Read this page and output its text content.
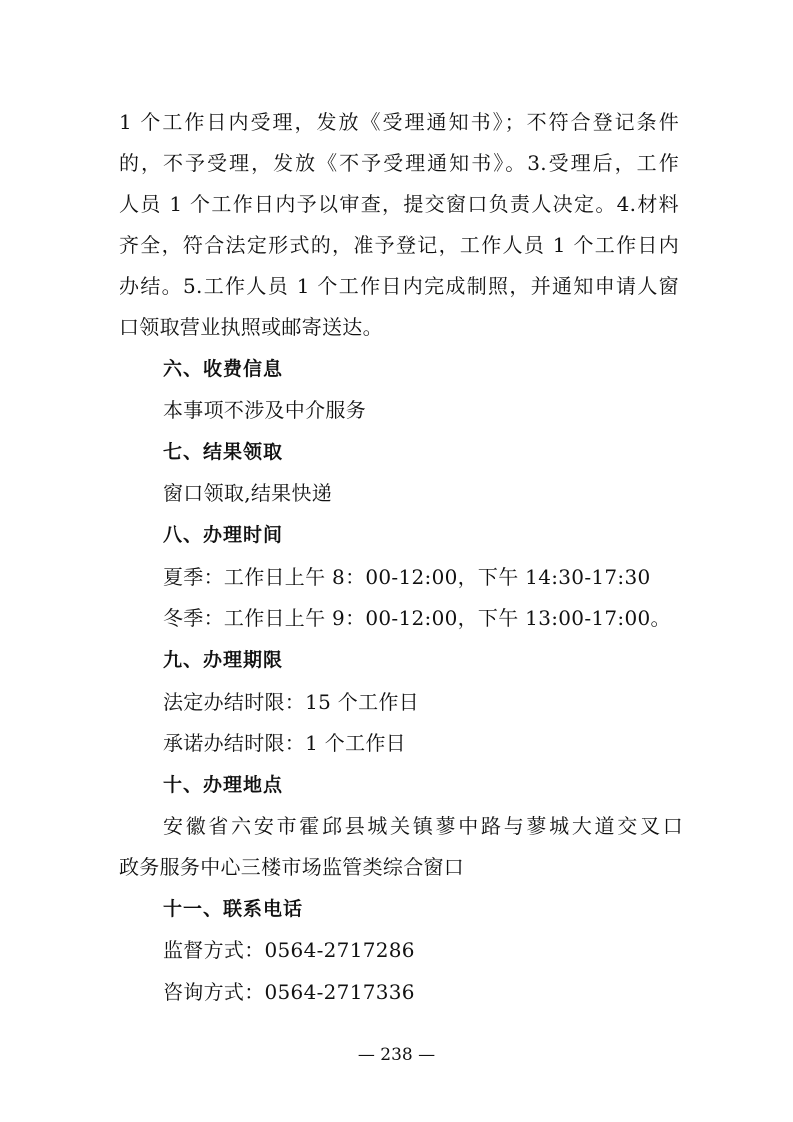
1 个工作日内受理，发放《受理通知书》；不符合登记条件
的，不予受理，发放《不予受理通知书》。3.受理后，工作
人员 1 个工作日内予以审查，提交窗口负责人决定。4.材料
齐全，符合法定形式的，准予登记，工作人员 1 个工作日内
办结。5.工作人员 1 个工作日内完成制照，并通知申请人窗
口领取营业执照或邮寄送达。
六、收费信息
本事项不涉及中介服务
七、结果领取
窗口领取,结果快递
八、办理时间
夏季：工作日上午 8：00-12:00，下午 14:30-17:30
冬季：工作日上午 9：00-12:00，下午 13:00-17:00。
九、办理期限
法定办结时限：15 个工作日
承诺办结时限：1 个工作日
十、办理地点
安徽省六安市霍邱县城关镇蓼中路与蓼城大道交叉口
政务服务中心三楼市场监管类综合窗口
十一、联系电话
监督方式：0564-2717286
咨询方式：0564-2717336
— 238 —
